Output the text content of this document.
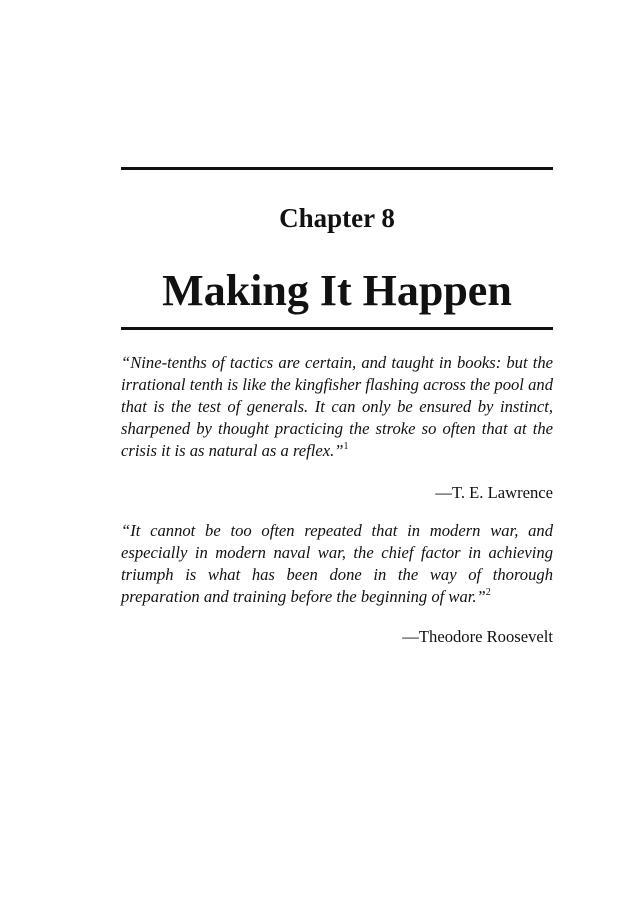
Chapter 8
Making It Happen

“Nine-tenths of tactics are certain, and taught in books: but the irrational tenth is like the kingfisher flashing across the pool and that is the test of generals. It can only be ensured by instinct, sharpened by thought practicing the stroke so often that at the crisis it is as natural as a reflex.”$^1$

—T. E. Lawrence

“It cannot be too often repeated that in modern war, and especially in modern naval war, the chief factor in achieving triumph is what has been done in the way of thorough preparation and training before the beginning of war.”$^2$

—Theodore Roosevelt
